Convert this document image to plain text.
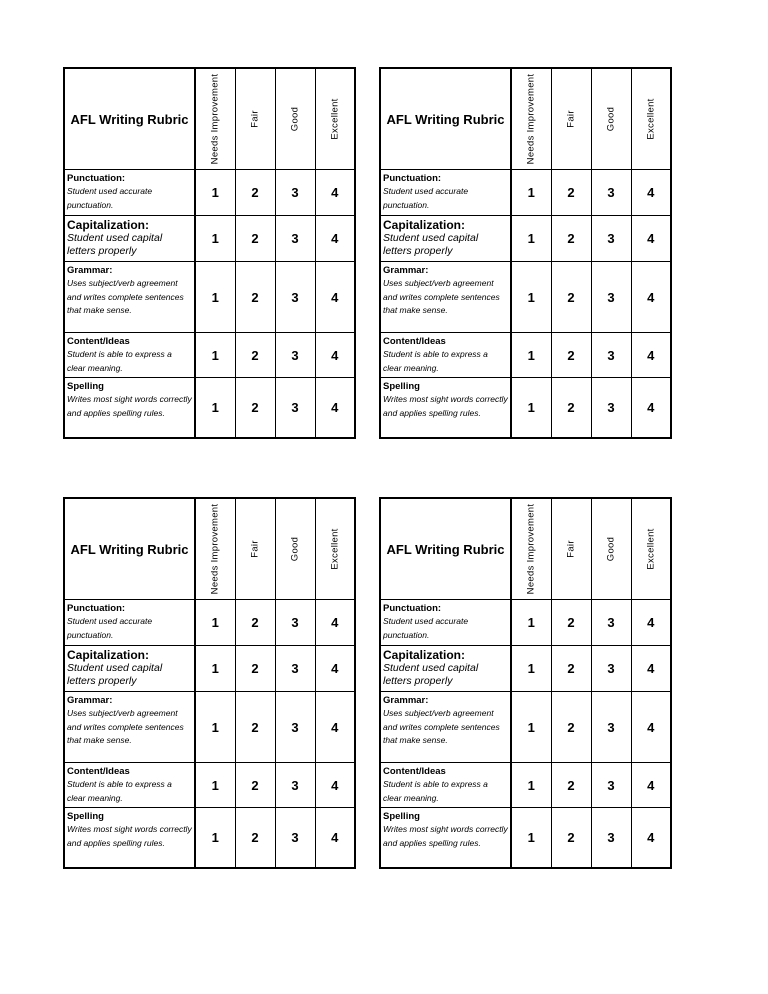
AFL Writing Rubric	Needs Improvement	Fair	Good	Excellent

Punctuation:
Student used accurate punctuation.	1	2	3	4

Capitalization:
Student used capital letters properly	1	2	3	4

Grammar:
Uses subject/verb agreement and writes complete sentences that make sense.	1	2	3	4

Content/Ideas
Student is able to express a clear meaning.	1	2	3	4

Spelling
Writes most sight words correctly and applies spelling rules.	1	2	3	4
AFL Writing Rubric	Needs Improvement	Fair	Good	Excellent

Punctuation:
Student used accurate punctuation.	1	2	3	4

Capitalization:
Student used capital letters properly	1	2	3	4

Grammar:
Uses subject/verb agreement and writes complete sentences that make sense.	1	2	3	4

Content/Ideas
Student is able to express a clear meaning.	1	2	3	4

Spelling
Writes most sight words correctly and applies spelling rules.	1	2	3	4
AFL Writing Rubric	Needs Improvement	Fair	Good	Excellent

Punctuation:
Student used accurate punctuation.	1	2	3	4

Capitalization:
Student used capital letters properly	1	2	3	4

Grammar:
Uses subject/verb agreement and writes complete sentences that make sense.	1	2	3	4

Content/Ideas
Student is able to express a clear meaning.	1	2	3	4

Spelling
Writes most sight words correctly and applies spelling rules.	1	2	3	4
AFL Writing Rubric	Needs Improvement	Fair	Good	Excellent

Punctuation:
Student used accurate punctuation.	1	2	3	4

Capitalization:
Student used capital letters properly	1	2	3	4

Grammar:
Uses subject/verb agreement and writes complete sentences that make sense.	1	2	3	4

Content/Ideas
Student is able to express a clear meaning.	1	2	3	4

Spelling
Writes most sight words correctly and applies spelling rules.	1	2	3	4
